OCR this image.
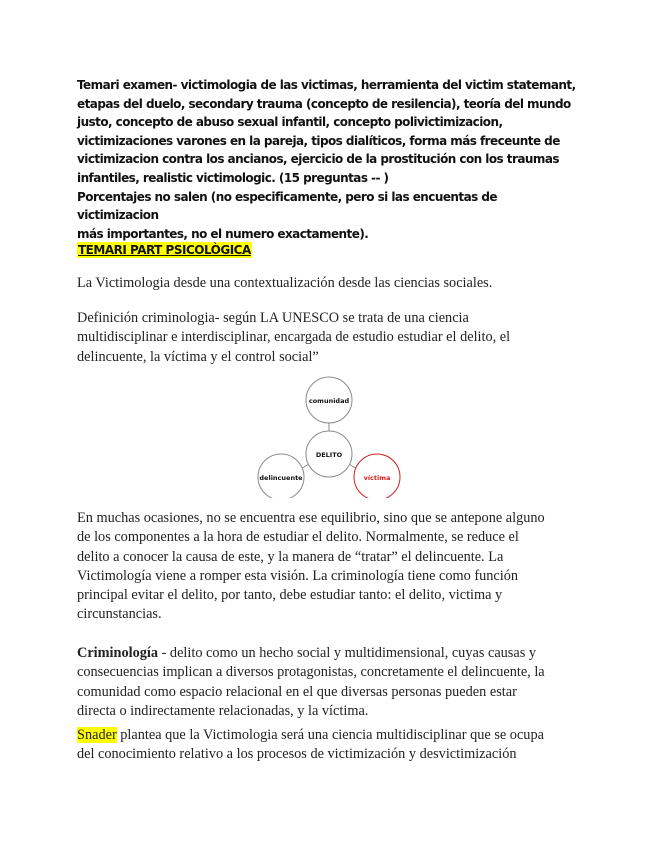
Temari examen- victimologia de las victimas, herramienta del victim statemant,

etapas del duelo, secondary trauma (concepto de resilencia), teoría del mundo

justo, concepto de abuso sexual infantil, concepto polivictimizacion,

victimizaciones varones en la pareja, tipos dialíticos, forma más freceunte de

victimizacion contra los ancianos, ejercicio de la prostitución con los traumas

infantiles, realistic victimologic. (15 preguntas -- )

Porcentajes no salen (no especificamente, pero si las encuentas de victimizacion

más importantes, no el numero exactamente).

TEMARI PART PSICOLÒGICA

La Victimologia desde una contextualización desde las ciencias sociales.

Definición criminologia- según LA UNESCO se trata de una ciencia

multidisciplinar e interdisciplinar, encargada de estudio estudiar el delito, el

delincuente, la víctima y el control social”

comunidad
DELITO
delincuente	víctima

En muchas ocasiones, no se encuentra ese equilibrio, sino que se antepone alguno

de los componentes a la hora de estudiar el delito. Normalmente, se reduce el

delito a conocer la causa de este, y la manera de “tratar” el delincuente. La

Victimología viene a romper esta visión. La criminología tiene como función

principal evitar el delito, por tanto, debe estudiar tanto: el delito, victima y

circunstancias.

Criminología - delito como un hecho social y multidimensional, cuyas causas y

consecuencias implican a diversos protagonistas, concretamente el delincuente, la

comunidad como espacio relacional en el que diversas personas pueden estar

directa o indirectamente relacionadas, y la víctima.

Snader plantea que la Victimologia será una ciencia multidisciplinar que se ocupa

del conocimiento relativo a los procesos de victimización y desvictimización
